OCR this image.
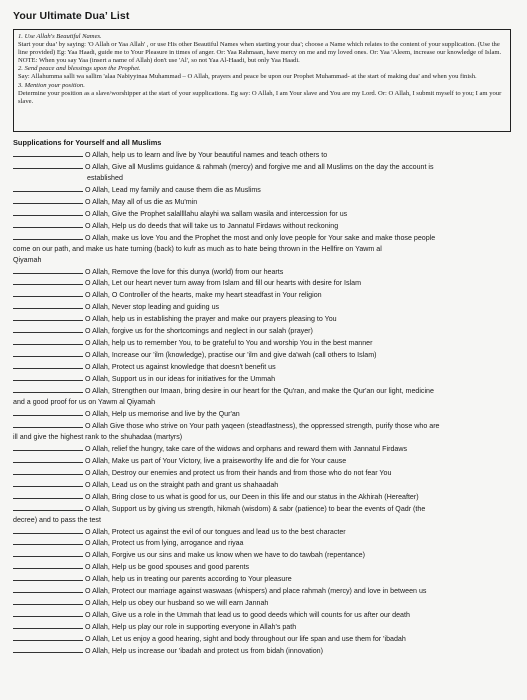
Your Ultimate Dua’ List
1. Use Allah's Beautiful Names.
Start your dua’ by saying: 'O Allah or Yaa Allah' , or use His other Beautiful Names when starting your dua'; choose a Name which relates to the content of your supplication. (Use the line provided) Eg: Yaa Haadi, guide me to Your Pleasure in times of anger. Or: Yaa Rahmaan, have mercy on me and my loved ones. Or: Yaa 'Aleem, increase our knowledge of Islam.
NOTE: When you say Yaa (insert a name of Allah) don't use 'Al', so not Yaa Al-Haadi, but only Yaa Haadi.
2. Send peace and blessings upon the Prophet.
Say: Allahumma salli wa sallim 'alaa Nabiyyinaa Muhammad – O Allah, prayers and peace be upon our Prophet Muhammad- at the start of making dua' and when you finish.
3. Mention your position.
Determine your position as a slave/worshipper at the start of your supplications. Eg say: O Allah, I am Your slave and You are my Lord. Or: O Allah, I submit myself to you; I am your slave.
Supplications for Yourself and all Muslims
O Allah, help us to learn and live by Your beautiful names and teach others to
O Allah, Give all Muslims guidance & rahmah (mercy) and forgive me and all Muslims on the day the account is
established
O Allah, Lead my family and cause them die as Muslims
O Allah, May all of us die as Mu'min
O Allah, Give the Prophet salallllahu alayhi wa sallam wasila and intercession for us
O Allah, Help us do deeds that will take us to Jannatul Firdaws without reckoning
O Allah, make us love You and the Prophet the most and only love people for Your sake and make those people
come on our path, and make us hate turning (back) to kufr as much as to hate being thrown in the Hellfire on Yawm al
Qiyamah
O Allah, Remove the love for this dunya (world) from our hearts
O Allah, Let our heart never turn away from Islam and fill our hearts with desire for Islam
O Allah, O Controller of the hearts, make my heart steadfast in Your religion
O Allah, Never stop leading and guiding us
O Allah, help us in establishing the prayer and make our prayers pleasing to You
O Allah, forgive us for the shortcomings and neglect in our salah (prayer)
O Allah, help us to remember You, to be grateful to You and worship You in the best manner
O Allah, Increase our 'ilm (knowledge), practise our 'ilm and give da'wah (call others to Islam)
O Allah, Protect us against knowledge that doesn't benefit us
O Allah, Support us in our ideas for initiatives for the Ummah
O Allah, Strengthen our Imaan, bring desire in our heart for the Qu'ran, and make the Qur'an our light, medicine
and a good proof for us on Yawm al Qiyamah
O Allah, Help us memorise and live by the Qur'an
O Allah Give those who strive on Your path yaqeen (steadfastness), the oppressed strength, purify those who are
ill and give the highest rank to the shuhadaa (martyrs)
O Allah, relief the hungry, take care of the widows and orphans and reward them with Jannatul Firdaws
O Allah, Make us part of Your Victory, live a praiseworthy life and die for Your cause
O Allah, Destroy our enemies and protect us from their hands and from those who do not fear You
O Allah, Lead us on the straight path and grant us shahaadah
O Allah, Bring close to us what is good for us, our Deen in this life and our status in the Akhirah (Hereafter)
O Allah, Support us by giving us strength, hikmah (wisdom) & sabr (patience) to bear the events of Qadr (the
decree) and to pass the test
O Allah, Protect us against the evil of our tongues and lead us to the best character
O Allah, Protect us from lying, arrogance and riyaa
O Allah, Forgive us our sins and make us know when we have to do tawbah (repentance)
O Allah, Help us be good spouses and good parents
O Allah, help us in treating our parents according to Your pleasure
O Allah, Protect our marriage against waswaas (whispers) and place rahmah (mercy) and love in between us
O Allah, Help us obey our husband so we will earn Jannah
O Allah, Give us a role in the Ummah that lead us to good deeds which will counts for us after our death
O Allah, Help us play our role in supporting everyone in Allah's path
O Allah, Let us enjoy a good hearing, sight and body throughout our life span and use them for 'ibadah
O Allah, Help us increase our 'ibadah and protect us from bidah (innovation)
